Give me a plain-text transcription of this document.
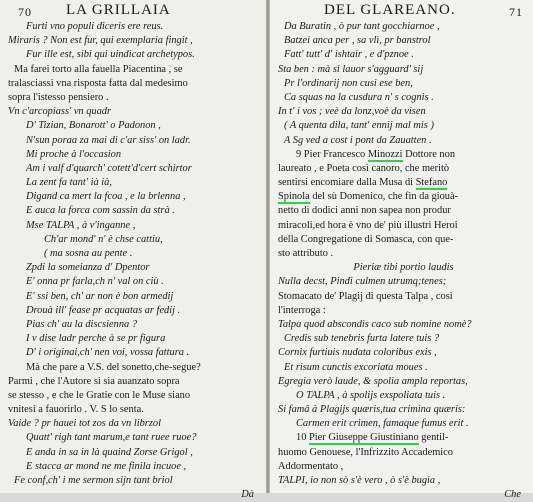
70 LA GRILLAIA
Furti vno populi diceris ere reus.
Miraris ? Non est fur, qui exemplaria fingit ,
Fur ille est, sibi qui uindicat archetypos.
Ma farei torto alla fauella Piacentina , se
tralasciassi vna risposta fatta dal medesimo
sopra l'istesso pensiero .
Vn c'arcopiass' vn quadr
D' Tizian, Bonarott' o Padonon ,
N'sun poraa za mai di c'ar siss' on ladr.
Mi proche à l'occasion
Am i valf d'quarch' cotett'd'cert schirtor
La zent fa tant' ià ià,
Digand ca mert la fcoa , e la brlenna ,
E auca la forca com sassin da strà .
Mse TALPA , à v'inganne ,
Ch'ar mond' n' è chse cattiu,
( ma sosna au pente .
Zpdi la someianza d' Dpentor
E' onna pr farla,ch n' val on ciù .
E' ssi ben, ch' ar non è bon armedij
Drouà ill' fease pr acquatas ar fedij .
Pias ch' au la discsienna ?
I v dise ladr perche à se pr figura
D' i originai,ch' nen voi, vossa fattura .
Mà che pare a V.S. del sonetto,che-segue?
Parmi , che l'Autore si sia auanzato sopra
se stesso , e che le Gratie con le Muse siano
vnitesi a fauorirlo . V. S lo senta.
Vaide ? pr hauei tot zos da vn librzol
Quatt' righ tant marum,e tant ruee ruoe?
E anda in sa in là quaind Zorse Grigol ,
E stacca ar mond ne me finila incuoe ,
Fe conf,ch' i me sermon sijn tant briol
Dà
DEL GLAREANO.	71
Da Buratin , ò pur tant gocchiarnoe ,
Batzei anca per , sa vlì, pr banstrol
Fatt' tutt' d' ishtair , e d'pznoe .
Sta ben : mà si lauor s'agguard' sij
Pr l'ordinarij non cusi ese ben,
Ca squas na la cusdura n' s cognis .
In t' i vos ; veè da lonz,voè da visen
( A quenta dila, tant' ennij mal mis )
A Sg ved a cost i pont da Zauatten .
9 Pier Francesco Minozzi Dottore non
laureato , e Poeta così canoro, che meritò
sentirsi encomiare dalla Musa di Stefano
Spinola del sù Domenico, che fin da giouà-
netto di dodici anni non sapea non produr
miracoli,ed hora è vno de' più illustri Heroi
della Congregatione di Somasca, con que-
sto attributo .
Pieriæ tibi portio laudis
Nulla decst, Pindi culmen utrumq;tenes;
Stomacato de' Plagij di questa Talpa , così
l'interroga :
Talpa quod abscondis caco sub nomine nomè?
Credis sub tenebris furta latere tuis ?
Cornix furtiuis nudata coloribus exis ,
Et risum cunctis excoriata moues .
Egregia verò laude, & spolia ampla reportas,
O TALPA , à spolijs exspoliata tuis .
Si famâ à Plagijs quæris,tua crimina quæris:
Carmen erit crimen, famaque fumus erit .
10 Pier Giuseppe Giustiniano gentil-
huomo Genouese, l'Infrizzito Accademico
Addormentato ,
TALPI, io non sò s'è vero , ò s'è bugia ,
Che
